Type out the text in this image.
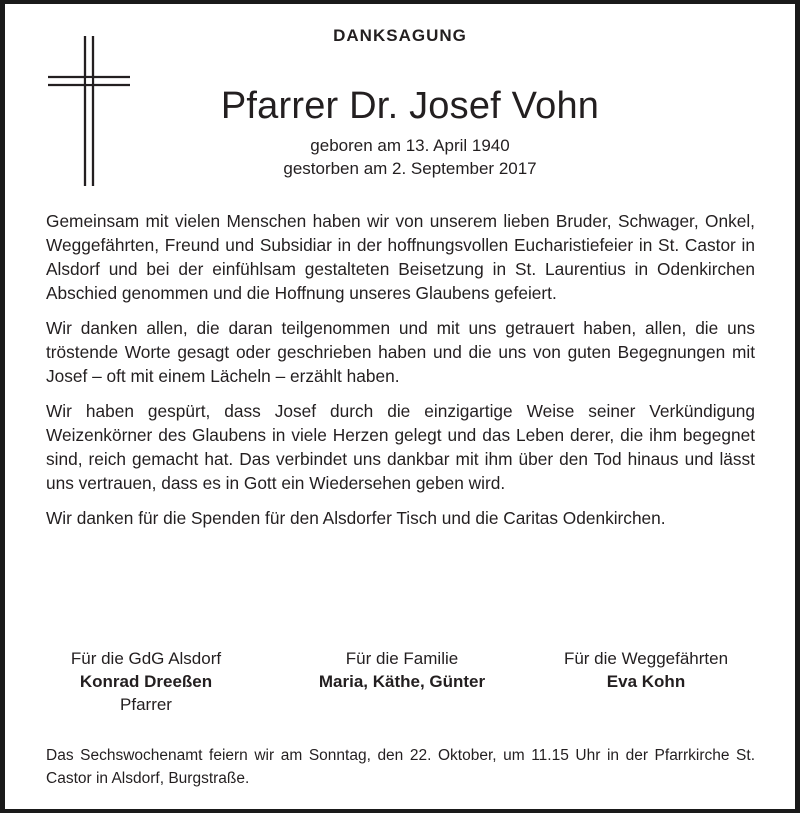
DANKSAGUNG
Pfarrer Dr. Josef Vohn
geboren am 13. April 1940
gestorben am 2. September 2017

Gemeinsam mit vielen Menschen haben wir von unserem lieben Bruder, Schwager, Onkel, Weggefährten, Freund und Subsidiar in der hoffnungsvollen Eucharistiefeier in St. Castor in Alsdorf und bei der einfühlsam gestalteten Beisetzung in St. Laurentius in Odenkirchen Abschied genommen und die Hoffnung unseres Glaubens gefeiert.

Wir danken allen, die daran teilgenommen und mit uns getrauert haben, allen, die uns tröstende Worte gesagt oder geschrieben haben und die uns von guten Begegnungen mit Josef – oft mit einem Lächeln – erzählt haben.

Wir haben gespürt, dass Josef durch die einzigartige Weise seiner Verkündigung Weizenkörner des Glaubens in viele Herzen gelegt und das Leben derer, die ihm begegnet sind, reich gemacht hat. Das verbindet uns dankbar mit ihm über den Tod hinaus und lässt uns vertrauen, dass es in Gott ein Wiedersehen geben wird.

Wir danken für die Spenden für den Alsdorfer Tisch und die Caritas Odenkirchen.

Für die GdG Alsdorf
Konrad Dreeßen
Pfarrer
Für die Familie
Maria, Käthe, Günter
Für die Weggefährten
Eva Kohn
Das Sechswochenamt feiern wir am Sonntag, den 22. Oktober, um 11.15 Uhr in der Pfarrkirche St. Castor in Alsdorf, Burgstraße.
